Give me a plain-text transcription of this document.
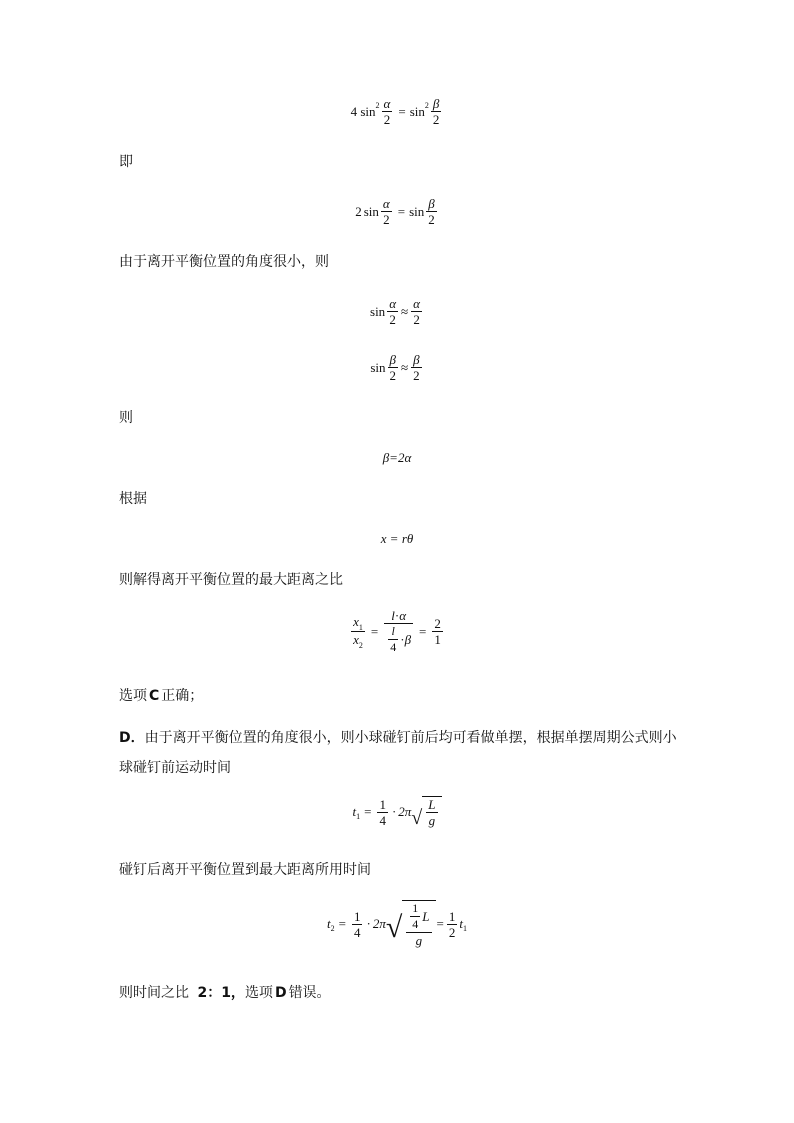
4
$\sin 2 \frac{\alpha}{2} = \sin 2 \frac{\beta}{2}$
即
2 $\sin \frac{\alpha}{2} = \sin \frac{\beta}{2}$
由于离开平衡位置的角度很小，则
$\sin \frac{\alpha}{2} \approx \frac{\alpha}{2}$
$\sin \frac{\beta}{2} \approx \frac{\beta}{2}$
则
β=2α
根据
x = r θ
则解得离开平衡位置的最大距离之比
$\frac{x_1}{x_2} = \frac{l\cdot\alpha}{\frac{l}{4} \cdot \beta} = \frac{2}{1}$
选项 C 正确；
D．由于离开平衡位置的角度很小，则小球碰钉前后均可看做单摆，根据单摆周期公式则小球碰钉前运动时间
t $1 = \frac{1}{4} \cdot 2\pi$ √ $\frac{L}{g}$
碰钉后离开平衡位置到最大距离所用时间
t $2 = \frac{1}{4} \cdot 2\pi$ √ $\frac{\frac{1}{4} L}{g} = \frac{1}{2}$ t 1
则时间之比 2：1，选项 D 错误。
